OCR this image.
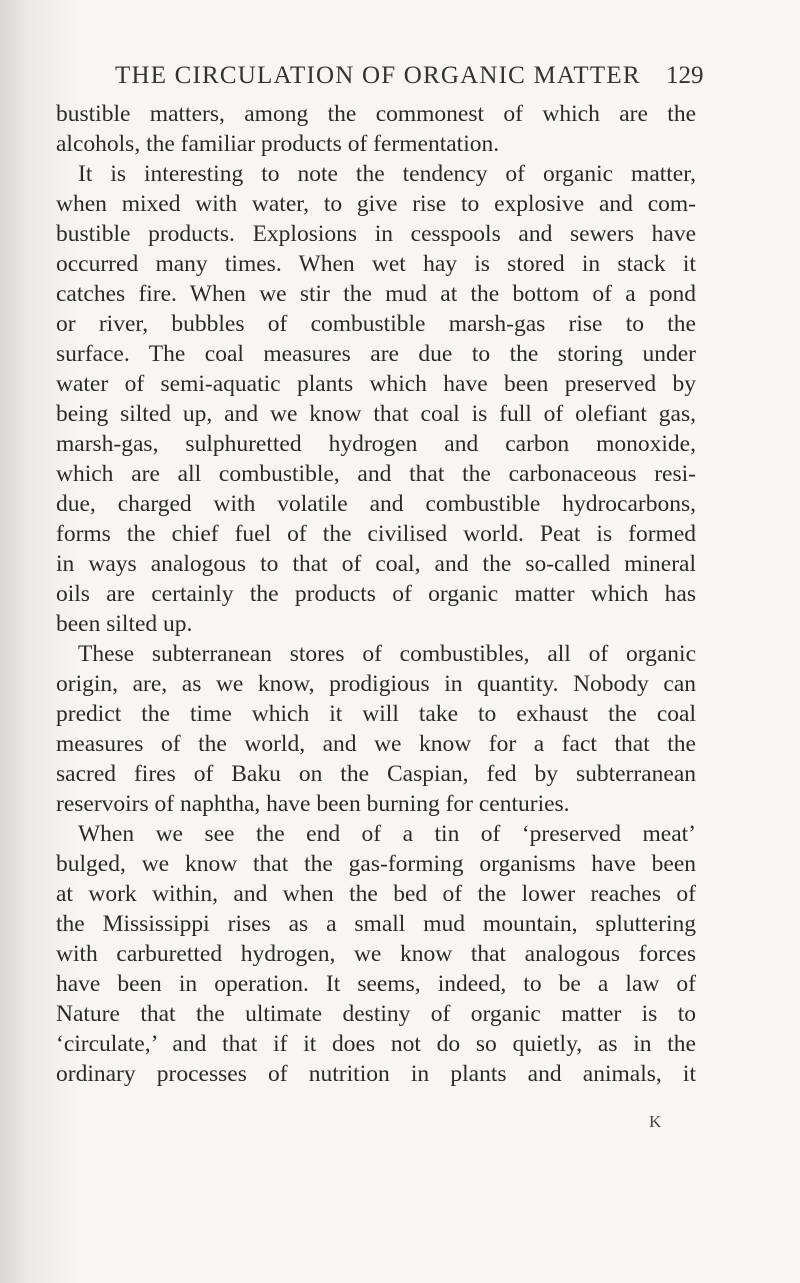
THE CIRCULATION OF ORGANIC MATTER 129
bustible matters, among the commonest of which are the
alcohols, the familiar products of fermentation.
It is interesting to note the tendency of organic matter,
when mixed with water, to give rise to explosive and com-
bustible products. Explosions in cesspools and sewers have
occurred many times. When wet hay is stored in stack it
catches fire. When we stir the mud at the bottom of a pond
or river, bubbles of combustible marsh-gas rise to the
surface. The coal measures are due to the storing under
water of semi-aquatic plants which have been preserved by
being silted up, and we know that coal is full of olefiant gas,
marsh-gas, sulphuretted hydrogen and carbon monoxide,
which are all combustible, and that the carbonaceous resi-
due, charged with volatile and combustible hydrocarbons,
forms the chief fuel of the civilised world. Peat is formed
in ways analogous to that of coal, and the so-called mineral
oils are certainly the products of organic matter which has
been silted up.
These subterranean stores of combustibles, all of organic
origin, are, as we know, prodigious in quantity. Nobody can
predict the time which it will take to exhaust the coal
measures of the world, and we know for a fact that the
sacred fires of Baku on the Caspian, fed by subterranean
reservoirs of naphtha, have been burning for centuries.
When we see the end of a tin of ‘preserved meat’
bulged, we know that the gas-forming organisms have been
at work within, and when the bed of the lower reaches of
the Mississippi rises as a small mud mountain, spluttering
with carburetted hydrogen, we know that analogous forces
have been in operation. It seems, indeed, to be a law of
Nature that the ultimate destiny of organic matter is to
‘circulate,’ and that if it does not do so quietly, as in the
ordinary processes of nutrition in plants and animals, it
K
